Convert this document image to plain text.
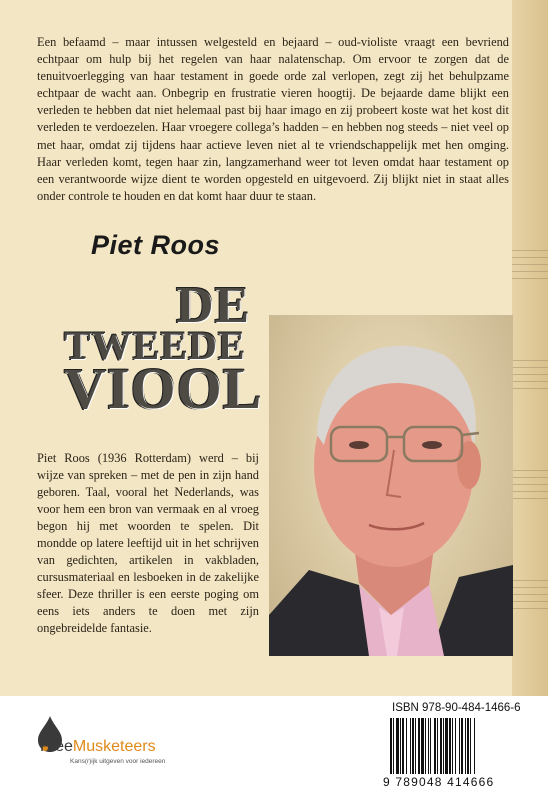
Een befaamd – maar intussen welgesteld en bejaard – oud-violiste vraagt een bevriend echtpaar om hulp bij het regelen van haar nalatenschap. Om ervoor te zorgen dat de tenuitvoerlegging van haar testament in goede orde zal verlopen, zegt zij het behulpzame echtpaar de wacht aan. Onbegrip en frustratie vieren hoogtij. De bejaarde dame blijkt een verleden te hebben dat niet helemaal past bij haar imago en zij probeert koste wat het kost dit verleden te verdoezelen. Haar vroegere collega’s hadden – en hebben nog steeds – niet veel op met haar, omdat zij tijdens haar actieve leven niet al te vriendschappelijk met hen omging. Haar verleden komt, tegen haar zin, langzamerhand weer tot leven omdat haar testament op een verantwoorde wijze dient te worden opgesteld en uitgevoerd. Zij blijkt niet in staat alles onder controle te houden en dat komt haar duur te staan.

Piet Roos
DE
TWEEDE
VIOOL

Piet Roos (1936 Rotterdam) werd – bij wijze van spreken – met de pen in zijn hand geboren. Taal, vooral het Nederlands, was voor hem een bron van vermaak en al vroeg begon hij met woorden te spelen. Dit mondde op latere leeftijd uit in het schrijven van gedichten, artikelen in vakbladen, cursusmateriaal en lesboeken in de zakelijke sfeer. Deze thriller is een eerste poging om eens iets anders te doen met zijn ongebreidelde fantasie.

FreeMusketeers
Kans(r)ijk uitgeven voor iedereen
ISBN 978-90-484-1466-6
9 789048 414666
